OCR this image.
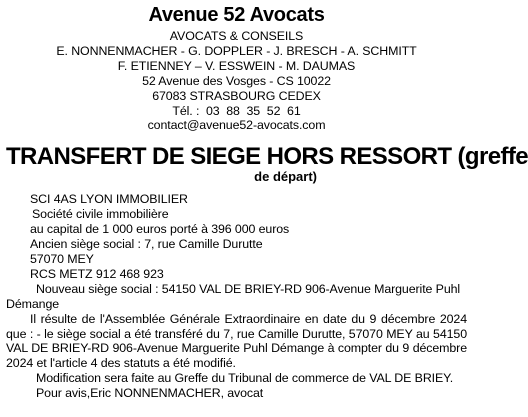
Avenue 52 Avocats
AVOCATS & CONSEILS
E. NONNENMACHER - G. DOPPLER - J. BRESCH - A. SCHMITT
F. ETIENNEY – V. ESSWEIN - M. DAUMAS
52 Avenue des Vosges - CS 10022
67083 STRASBOURG CEDEX
Tél. :  03  88  35  52  61
contact@avenue52-avocats.com
TRANSFERT DE SIEGE HORS RESSORT (greffe
de départ)
SCI 4AS LYON IMMOBILIER
Société civile immobilière
au capital de 1 000 euros porté à 396 000 euros
Ancien siège social : 7, rue Camille Durutte
57070 MEY
RCS METZ 912 468 923
Nouveau siège social : 54150 VAL DE BRIEY-RD 906-Avenue Marguerite Puhl Démange
Il résulte de l'Assemblée Générale Extraordinaire en date du 9 décembre 2024 que : - le siège social a été transféré du 7, rue Camille Durutte, 57070 MEY au 54150 VAL DE BRIEY-RD 906-Avenue Marguerite Puhl Démange à compter du 9 décembre 2024 et l'article 4 des statuts a été modifié.
Modification sera faite au Greffe du Tribunal de commerce de VAL DE BRIEY.
Pour avis,Eric NONNENMACHER, avocat
